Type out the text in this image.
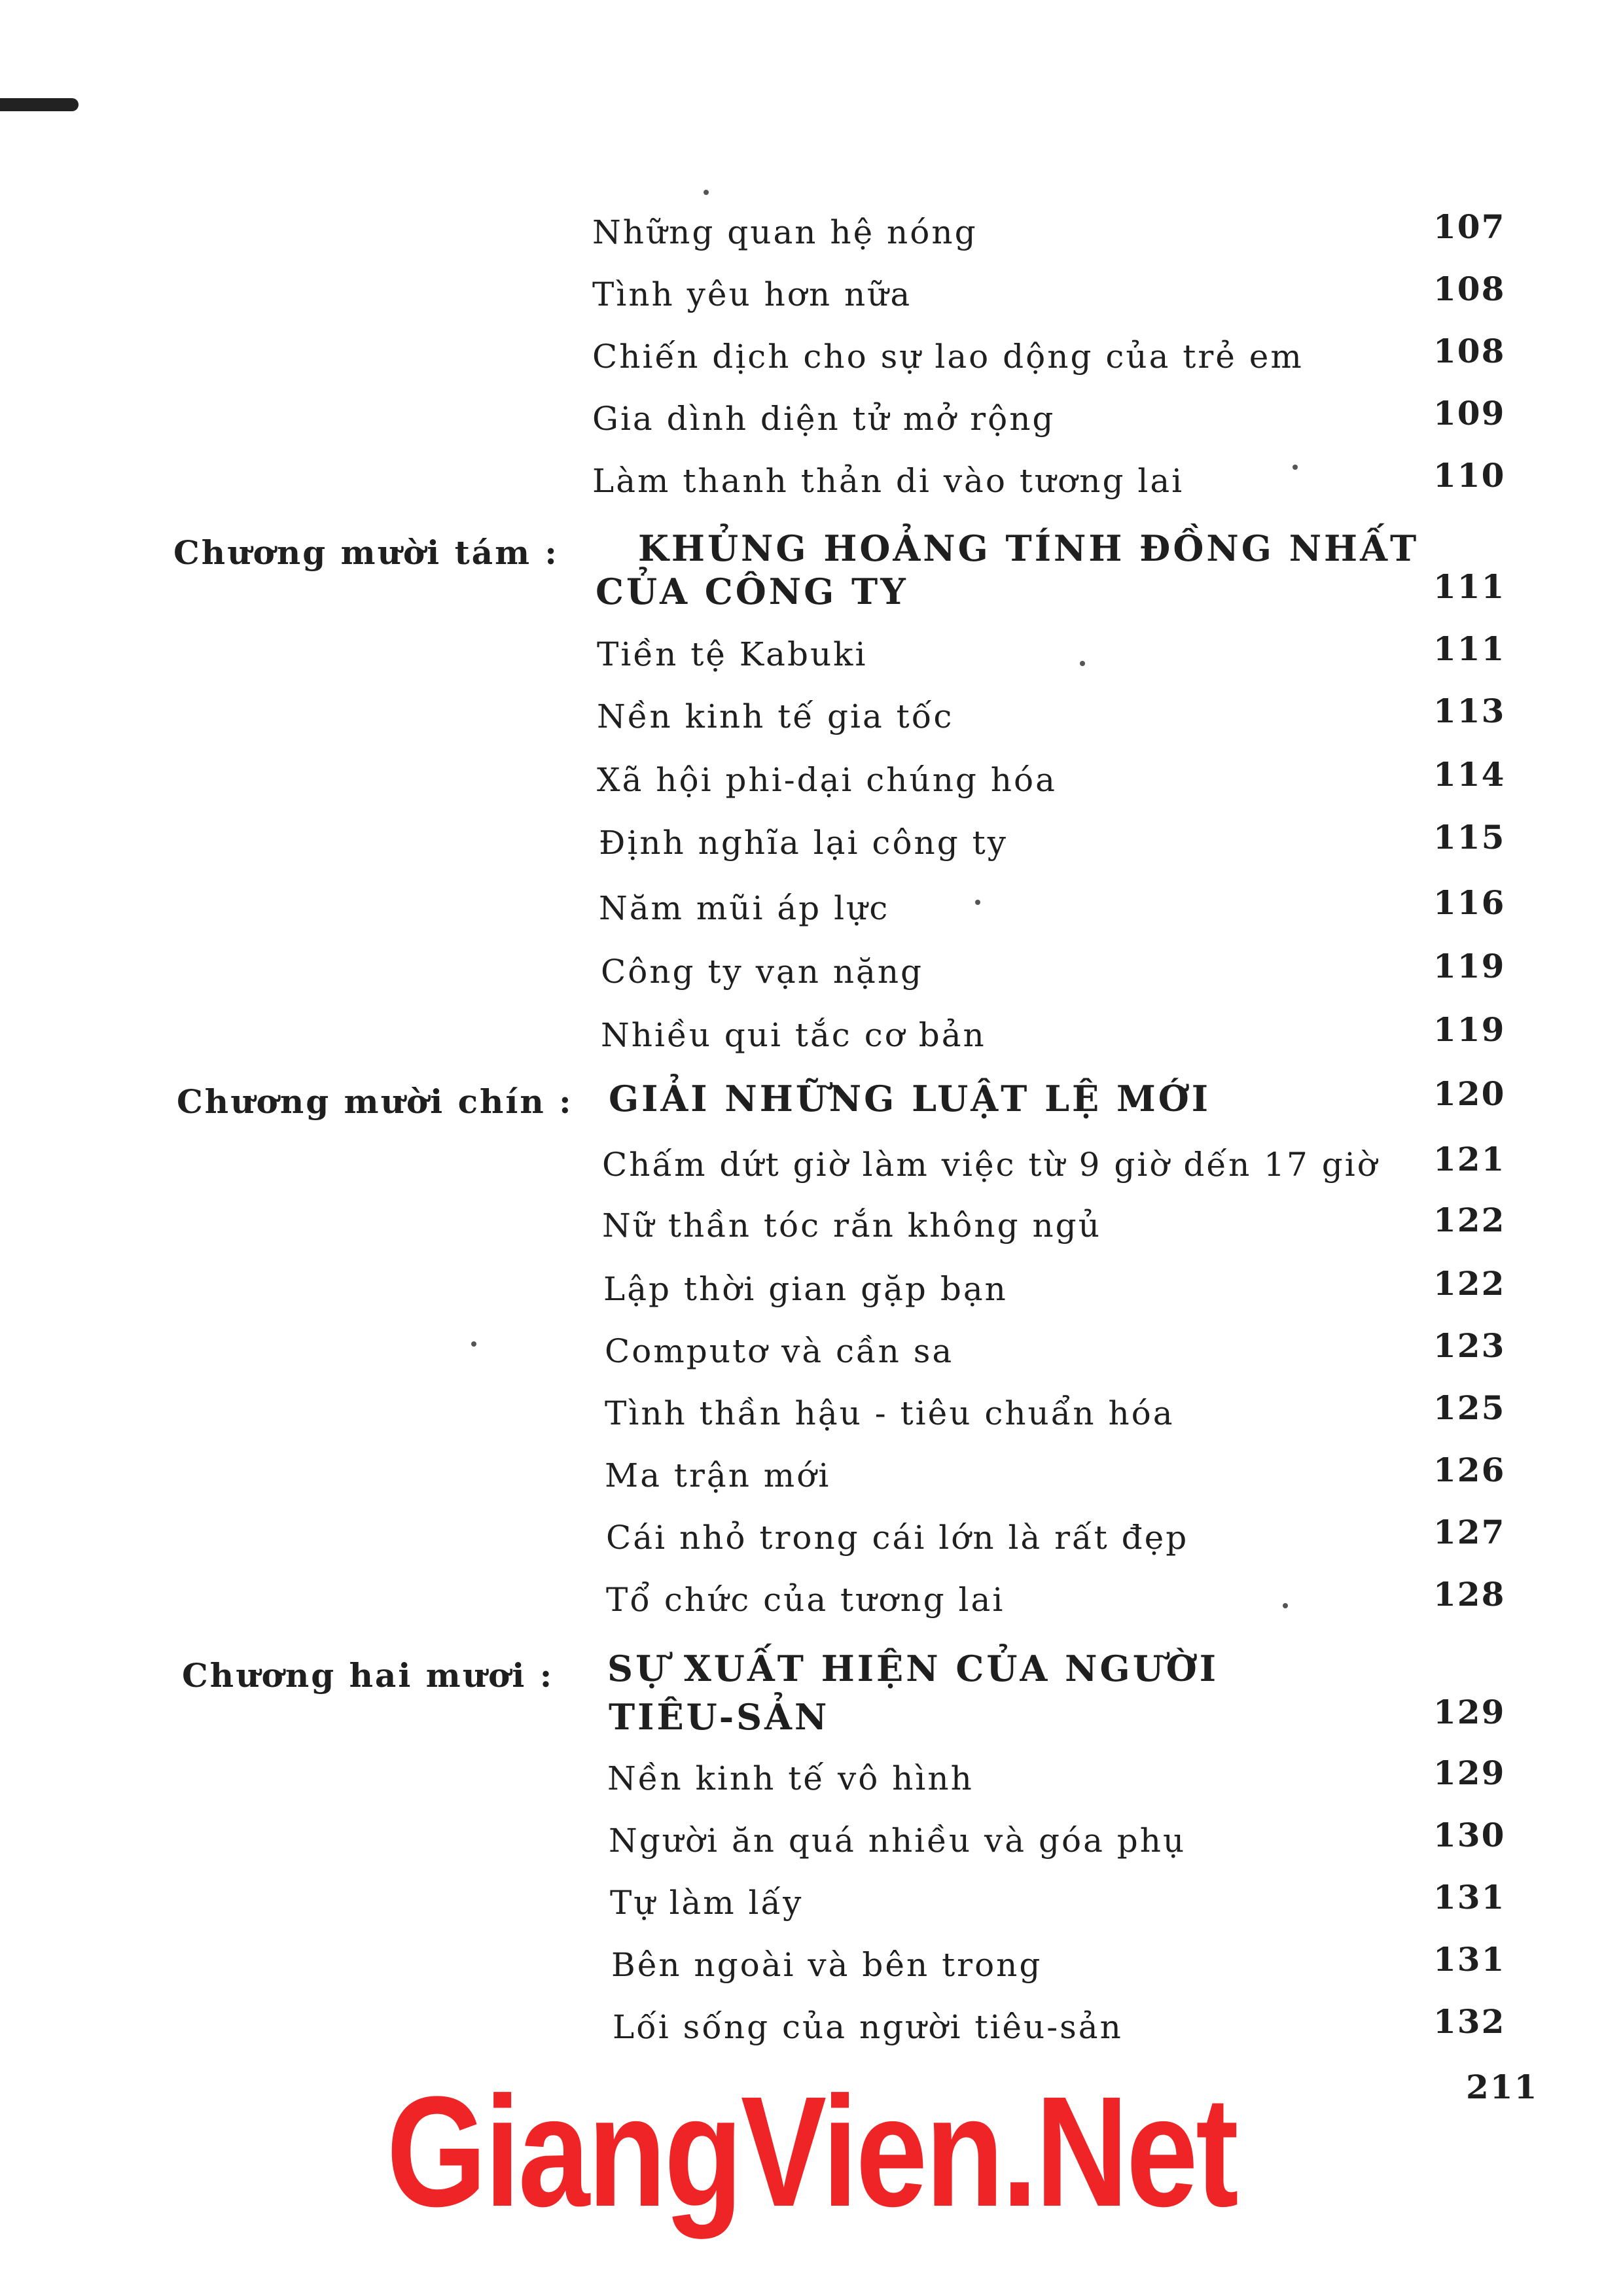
Những quan hệ nóng	107
Tình yêu hơn nữa	108
Chiến dịch cho sự lao dộng của trẻ em	108
Gia dình diện tử mở rộng	109
Làm thanh thản di vào tương lai	110
Chương mười tám : KHỦNG HOẢNG TÍNH ĐỒNG NHẤT
CỦA CÔNG TY	111
Tiền tệ Kabuki	111
Nền kinh tế gia tốc	113
Xã hội phi-dại chúng hóa	114
Định nghĩa lại công ty	115
Năm mũi áp lực	116
Công ty vạn nặng	119
Nhiều qui tắc cơ bản	119
Chương mười chín : GIẢI NHỮNG LUẬT LỆ MỚI	120
Chấm dứt giờ làm việc từ 9 giờ dến 17 giờ 121
Nữ thần tóc rắn không ngủ	122
Lập thời gian gặp bạn	122
Computơ và cần sa	123
Tình thần hậu - tiêu chuẩn hóa	125
Ma trận mới	126
Cái nhỏ trong cái lớn là rất đẹp	127
Tổ chức của tương lai	128
Chương hai mươi : SỰ XUẤT HIỆN CỦA NGƯỜI
TIÊU-SẢN	129
Nền kinh tế vô hình	129
Người ăn quá nhiều và góa phụ	130
Tự làm lấy	131
Bên ngoài và bên trong	131
Lối sống của người tiêu-sản	132
211
GiangVien.Net
